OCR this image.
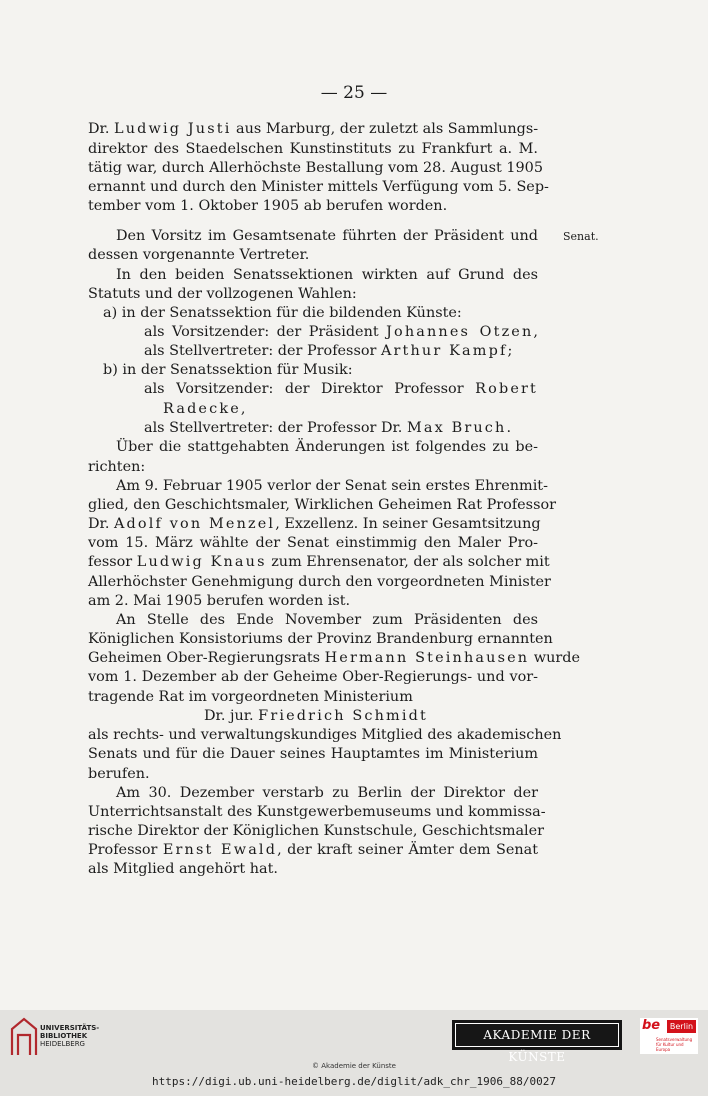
— 25 —
Senat.
Dr. Ludwig Justi aus Marburg, der zuletzt als Sammlungs-
direktor des Staedelschen Kunstinstituts zu Frankfurt a. M.
tätig war, durch Allerhöchste Bestallung vom 28. August 1905
ernannt und durch den Minister mittels Verfügung vom 5. Sep-
tember vom 1. Oktober 1905 ab berufen worden.
Den Vorsitz im Gesamtsenate führten der Präsident und
dessen vorgenannte Vertreter.
In den beiden Senatssektionen wirkten auf Grund des
Statuts und der vollzogenen Wahlen:
a) in der Senatssektion für die bildenden Künste:
als Vorsitzender: der Präsident Johannes Otzen,
als Stellvertreter: der Professor Arthur Kampf;
b) in der Senatssektion für Musik:
als Vorsitzender: der Direktor Professor Robert
Radecke,
als Stellvertreter: der Professor Dr. Max Bruch.
Über die stattgehabten Änderungen ist folgendes zu be-
richten:
Am 9. Februar 1905 verlor der Senat sein erstes Ehrenmit-
glied, den Geschichtsmaler, Wirklichen Geheimen Rat Professor
Dr. Adolf von Menzel, Exzellenz. In seiner Gesamtsitzung
vom 15. März wählte der Senat einstimmig den Maler Pro-
fessor Ludwig Knaus zum Ehrensenator, der als solcher mit
Allerhöchster Genehmigung durch den vorgeordneten Minister
am 2. Mai 1905 berufen worden ist.
An Stelle des Ende November zum Präsidenten des
Königlichen Konsistoriums der Provinz Brandenburg ernannten
Geheimen Ober-Regierungsrats Hermann Steinhausen wurde
vom 1. Dezember ab der Geheime Ober-Regierungs- und vor-
tragende Rat im vorgeordneten Ministerium
Dr. jur. Friedrich Schmidt
als rechts- und verwaltungskundiges Mitglied des akademischen
Senats und für die Dauer seines Hauptamtes im Ministerium
berufen.
Am 30. Dezember verstarb zu Berlin der Direktor der
Unterrichtsanstalt des Kunstgewerbemuseums und kommissa-
rische Direktor der Königlichen Kunstschule, Geschichtsmaler
Professor Ernst Ewald, der kraft seiner Ämter dem Senat
als Mitglied angehört hat.
UNIVERSITÄTS-
BIBLIOTHEK
HEIDELBERG
AKADEMIE DER KÜNSTE
be	Berlin
Senatsverwaltung
für Kultur und Europa
© Akademie der Künste
https://digi.ub.uni-heidelberg.de/diglit/adk_chr_1906_88/0027
